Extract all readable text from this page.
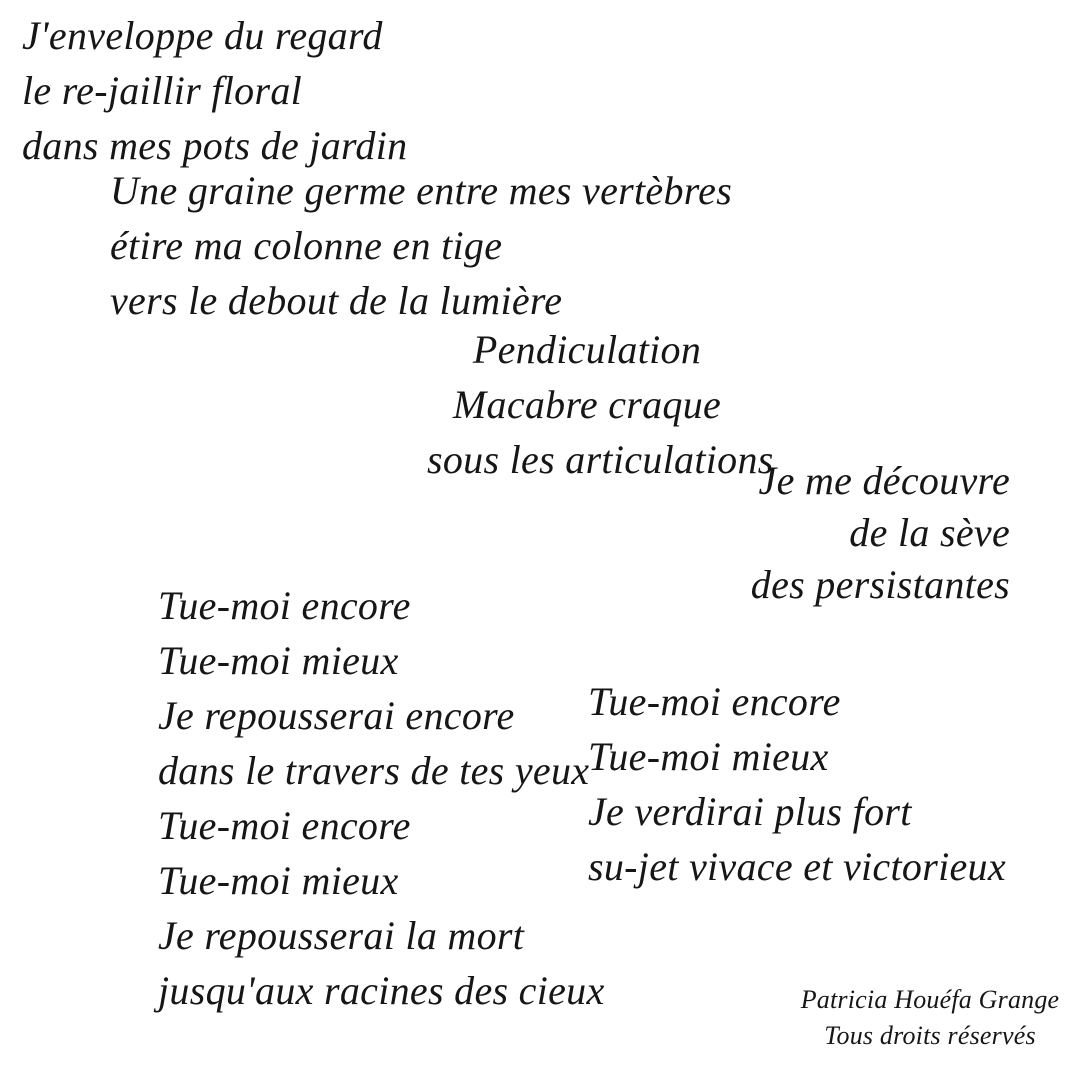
J'enveloppe du regard
le re-jaillir floral
dans mes pots de jardin
Une graine germe entre mes vertèbres
étire ma colonne en tige
vers le debout de la lumière
Pendiculation
Macabre craque
sous les articulations
Je me découvre
de la sève
des persistantes
Tue-moi encore
Tue-moi mieux
Je repousserai encore
dans le travers de tes yeux
Tue-moi encore
Tue-moi mieux
Je repousserai la mort
jusqu'aux racines des cieux
Tue-moi encore
Tue-moi mieux
Je verdirai plus fort
su-jet vivace et victorieux
Patricia Houéfa Grange
Tous droits réservés
